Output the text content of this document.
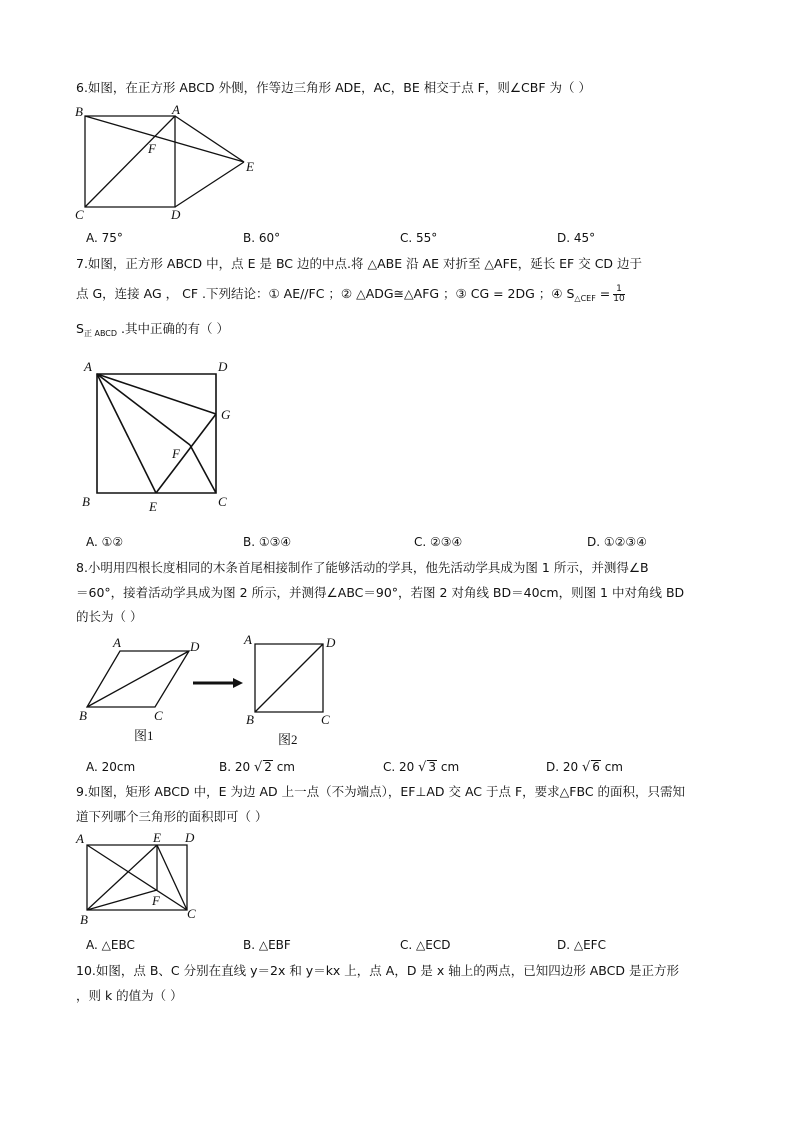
6.如图，在正方形 ABCD 外侧，作等边三角形 ADE，AC，BE 相交于点 F，则∠CBF 为（ ）
B	A
F
E
C	D
A. 75°	B. 60°	C. 55°	D. 45°
7.如图，正方形 ABCD 中，点 E 是 BC 边的中点.将 △ABE 沿 AE 对折至 △AFE，延长 EF 交 CD 边于
点 G，连接 AG ， CF .下列结论：① AE//FC ；② △ADG≅△AFG ；③ CG = 2DG ；④ $S_{\triangle CEF} = \frac{1}{10}$
$S_{正 ABCD}$ .其中正确的有（ ）
A	D
G
F
B	E	C
A. ①②	B. ①③④	C. ②③④	D. ①②③④
8.小明用四根长度相同的木条首尾相接制作了能够活动的学具，他先活动学具成为图 1 所示，并测得∠B
＝60°，接着活动学具成为图 2 所示，并测得∠ABC＝90°，若图 2 对角线 BD＝40cm，则图 1 中对角线 BD
的长为（ ）
A	D
B	C
图1
A	D
B	C
图2
A. 20cm	B. 20 √ 2 cm	C. 20 √ 3 cm	D. 20 √ 6 cm
9.如图，矩形 ABCD 中，E 为边 AD 上一点（不为端点），EF⊥AD 交 AC 于点 F，要求△FBC 的面积，只需知
道下列哪个三角形的面积即可（ ）
A	E D
F
B	C
A. △EBC	B. △EBF	C. △ECD	D. △EFC
10.如图，点 B、C 分别在直线 y＝2x 和 y＝kx 上，点 A，D 是 x 轴上的两点，已知四边形 ABCD 是正方形
，则 k 的值为（ ）
